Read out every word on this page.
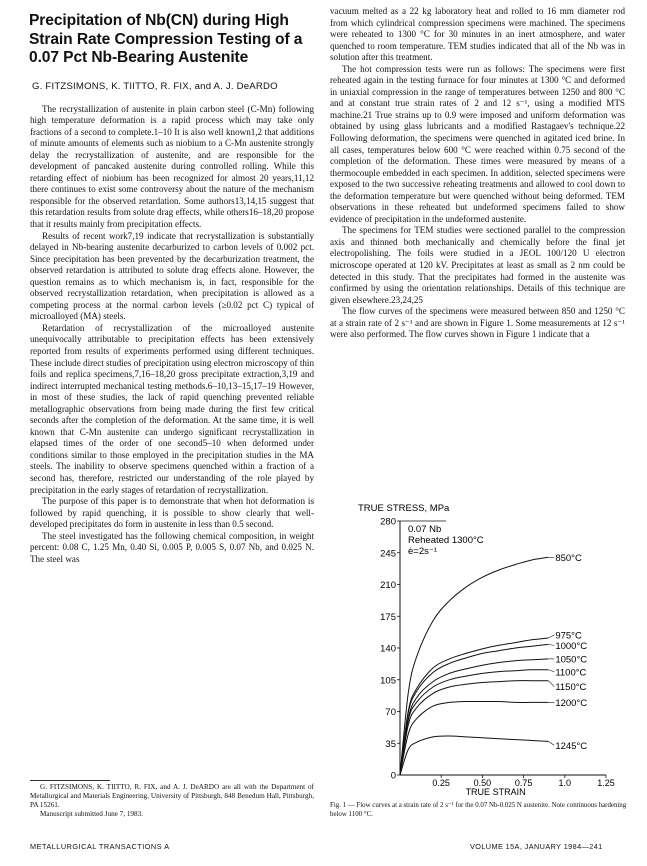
Precipitation of Nb(CN) during High Strain Rate Compression Testing of a 0.07 Pct Nb-Bearing Austenite
G. FITZSIMONS, K. TIITTO, R. FIX, and A. J. DeARDO

The recrystallization of austenite in plain carbon steel (C-Mn) following high temperature deformation is a rapid process which may take only fractions of a second to complete.1–10 It is also well known1,2 that additions of minute amounts of elements such as niobium to a C-Mn austenite strongly delay the recrystallization of austenite, and are responsible for the development of pancaked austenite during controlled rolling. While this retarding effect of niobium has been recognized for almost 20 years,11,12 there continues to exist some controversy about the nature of the mechanism responsible for the observed retardation. Some authors13,14,15 suggest that this retardation results from solute drag effects, while others16–18,20 propose that it results mainly from precipitation effects.

Results of recent work7,19 indicate that recrystallization is substantially delayed in Nb-bearing austenite decarburized to carbon levels of 0.002 pct. Since precipitation has been prevented by the decarburization treatment, the observed retardation is attributed to solute drag effects alone. However, the question remains as to which mechanism is, in fact, responsible for the observed recrystallization retardation, when precipitation is allowed as a competing process at the normal carbon levels (≥0.02 pct C) typical of microalloyed (MA) steels.

Retardation of recrystallization of the microalloyed austenite unequivocally attributable to precipitation effects has been extensively reported from results of experiments performed using different techniques. These include direct studies of precipitation using electron microscopy of thin foils and replica specimens,7,16–18,20 gross precipitate extraction,3,19 and indirect interrupted mechanical testing methods.6–10,13–15,17–19 However, in most of these studies, the lack of rapid quenching prevented reliable metallographic observations from being made during the first few critical seconds after the completion of the deformation. At the same time, it is well known that C-Mn austenite can undergo significant recrystallization in elapsed times of the order of one second5–10 when deformed under conditions similar to those employed in the precipitation studies in the MA steels. The inability to observe specimens quenched within a fraction of a second has, therefore, restricted our understanding of the role played by precipitation in the early stages of retardation of recrystallization.

The purpose of this paper is to demonstrate that when hot deformation is followed by rapid quenching, it is possible to show clearly that well-developed precipitates do form in austenite in less than 0.5 second.

The steel investigated has the following chemical composition, in weight percent: 0.08 C, 1.25 Mn, 0.40 Si, 0.005 P, 0.005 S, 0.07 Nb, and 0.025 N. The steel was

vacuum melted as a 22 kg laboratory heat and rolled to 16 mm diameter rod from which cylindrical compression specimens were machined. The specimens were reheated to 1300 °C for 30 minutes in an inert atmosphere, and water quenched to room temperature. TEM studies indicated that all of the Nb was in solution after this treatment.

The hot compression tests were run as follows: The specimens were first reheated again in the testing furnace for four minutes at 1300 °C and deformed in uniaxial compression in the range of temperatures between 1250 and 800 °C and at constant true strain rates of 2 and 12 s⁻¹, using a modified MTS machine.21 True strains up to 0.9 were imposed and uniform deformation was obtained by using glass lubricants and a modified Rastagaev's technique.22 Following deformation, the specimens were quenched in agitated iced brine. In all cases, temperatures below 600 °C were reached within 0.75 second of the completion of the deformation. These times were measured by means of a thermocouple embedded in each specimen. In addition, selected specimens were exposed to the two successive reheating treatments and allowed to cool down to the deformation temperature but were quenched without being deformed. TEM observations in these reheated but undeformed specimens failed to show evidence of precipitation in the undeformed austenite.

The specimens for TEM studies were sectioned parallel to the compression axis and thinned both mechanically and chemically before the final jet electropolishing. The foils were studied in a JEOL 100/120 U electron microscope operated at 120 kV. Precipitates at least as small as 2 nm could be detected in this study. That the precipitates had formed in the austenite was confirmed by using the orientation relationships. Details of this technique are given elsewhere.23,24,25

The flow curves of the specimens were measured between 850 and 1250 °C at a strain rate of 2 s⁻¹ and are shown in Figure 1. Some measurements at 12 s⁻¹ were also performed. The flow curves shown in Figure 1 indicate that a

0
35
70
105
140
175
210
245
280
0.25	0.50	0.75	1.0	1.25
TRUE STRESS, MPa
TRUE STRAIN
0.07 Nb
Reheated 1300°C
ė=2s⁻¹
850°C
975°C
1000°C
1050°C
1100°C
1150°C
1200°C
1245°C
Fig. 1 — Flow curves at a strain rate of 2 s⁻¹ for the 0.07 Nb-0.025 N austenite. Note continuous hardening below 1100 °C.

G. FITZSIMONS, K. TIITTO, R. FIX, and A. J. DeARDO are all with the Department of Metallurgical and Materials Engineering, University of Pittsburgh, 848 Benedum Hall, Pittsburgh, PA 15261.

Manuscript submitted June 7, 1983.

METALLURGICAL TRANSACTIONS A	VOLUME 15A, JANUARY 1984—241
